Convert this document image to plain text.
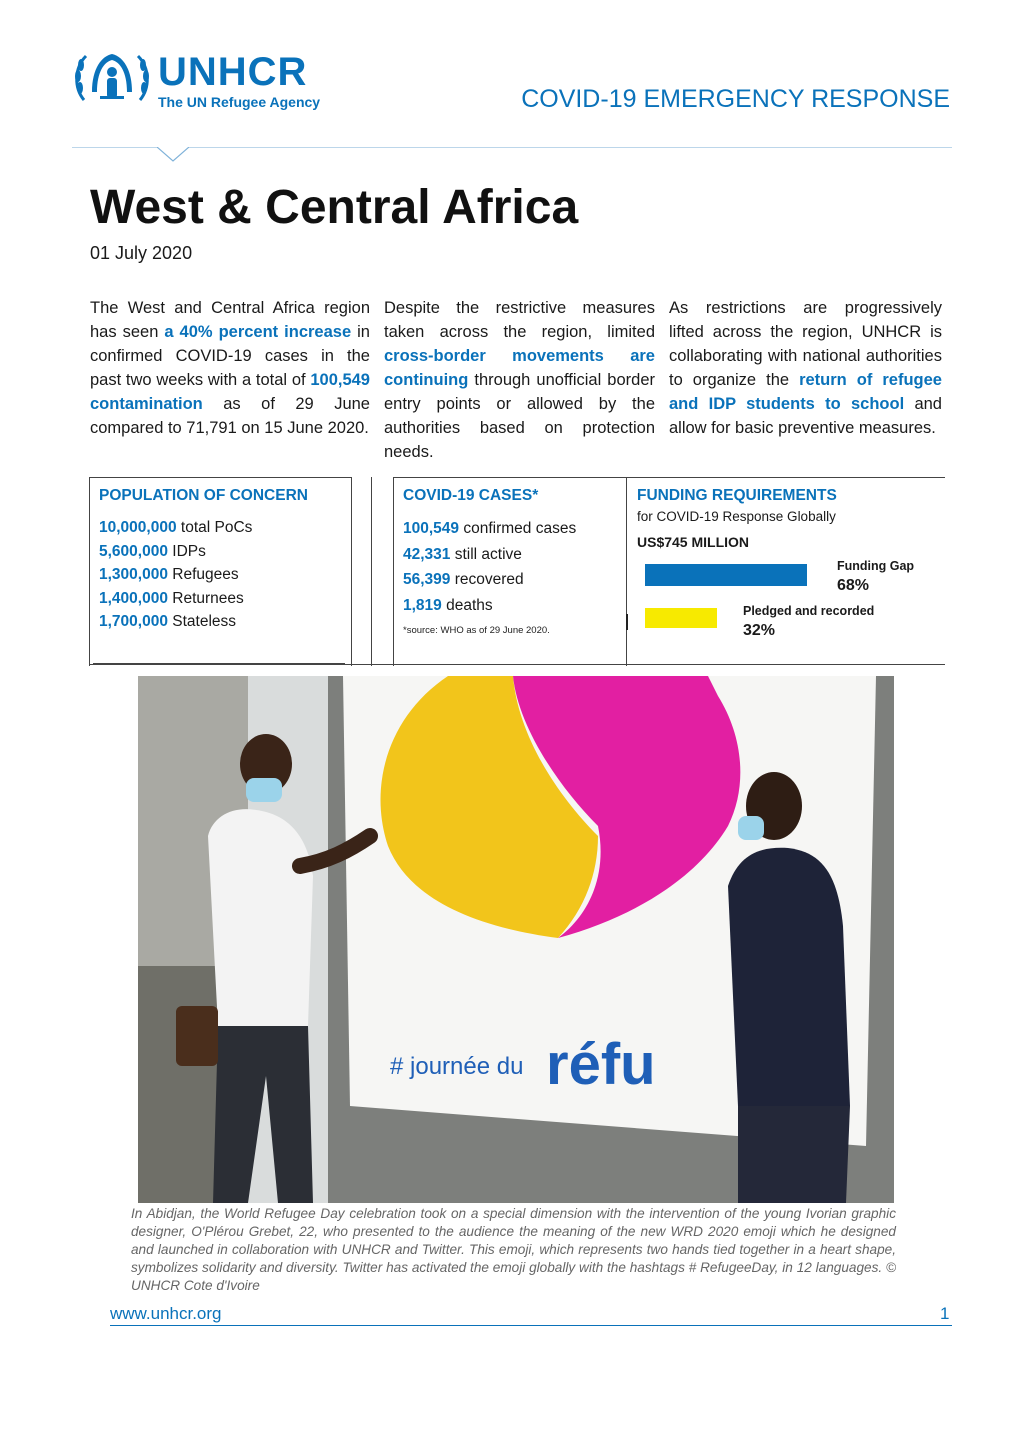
UNHCR
The UN Refugee Agency	COVID-19 EMERGENCY RESPONSE
West & Central Africa
01 July 2020
The West and Central Africa region has seen a 40% percent increase in confirmed COVID-19 cases in the past two weeks with a total of 100,549 contamination as of 29 June compared to 71,791 on 15 June 2020.
Despite the restrictive measures taken across the region, limited cross-border movements are continuing through unofficial border entry points or allowed by the authorities based on protection needs.
As restrictions are progressively lifted across the region, UNHCR is collaborating with national authorities to organize the return of refugee and IDP students to school and allow for basic preventive measures.
POPULATION OF CONCERN
10,000,000 total PoCs
5,600,000 IDPs
1,300,000 Refugees
1,400,000 Returnees
1,700,000 Stateless
COVID-19 CASES*
100,549 confirmed cases
42,331 still active
56,399 recovered
1,819 deaths
*source: WHO as of 29 June 2020.
FUNDING REQUIREMENTS
for COVID-19 Response Globally
US$745 MILLION
Funding Gap
68%
Pledged and recorded
32%
# journée du réfu
In Abidjan, the World Refugee Day celebration took on a special dimension with the intervention of the young Ivorian graphic designer, O'Plérou Grebet, 22, who presented to the audience the meaning of the new WRD 2020 emoji which he designed and launched in collaboration with UNHCR and Twitter. This emoji, which represents two hands tied together in a heart shape, symbolizes solidarity and diversity. Twitter has activated the emoji globally with the hashtags # RefugeeDay, in 12 languages. © UNHCR Cote d'Ivoire
www.unhcr.org	1
